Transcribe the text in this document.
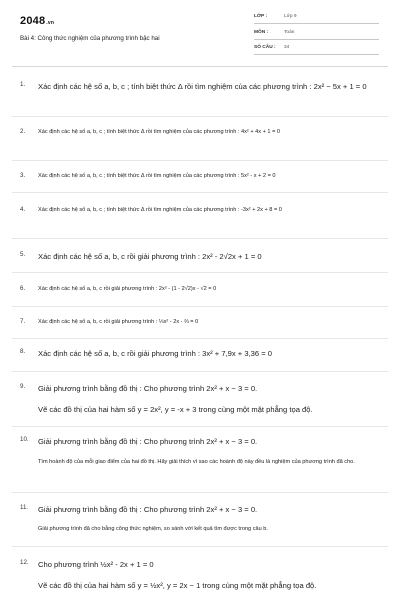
2048.vn
Bài 4: Công thức nghiệm của phương trình bậc hai
LỚP :	Lớp 9
MÔN :	Toán
SỐ CÂU : 34
1. Xác định các hệ số a, b, c ; tính biệt thức Δ rồi tìm nghiệm của các phương trình : 2x² − 5x + 1 = 0
2. Xác định các hệ số a, b, c ; tính biệt thức Δ rồi tìm nghiệm của các phương trình : 4x² + 4x + 1 = 0
3. Xác định các hệ số a, b, c ; tính biệt thức Δ rồi tìm nghiệm của các phương trình : 5x² - x + 2 = 0
4. Xác định các hệ số a, b, c ; tính biệt thức Δ rồi tìm nghiệm của các phương trình : -3x² + 2x + 8 = 0
5. Xác định các hệ số a, b, c rồi giải phương trình : 2x² - 2√2x + 1 = 0
6. Xác định các hệ số a, b, c rồi giải phương trình : 2x² - (1 - 2√2)x - √2 = 0
7. Xác định các hệ số a, b, c rồi giải phương trình : ⅓x² - 2x - ⅔ = 0
8. Xác định các hệ số a, b, c rồi giải phương trình : 3x² + 7,9x + 3,36 = 0
9. Giải phương trình bằng đồ thị : Cho phương trình 2x² + x − 3 = 0.
Vẽ các đồ thị của hai hàm số y = 2x², y = -x + 3 trong cùng một mặt phẳng tọa độ.
10. Giải phương trình bằng đồ thị : Cho phương trình 2x² + x − 3 = 0.
Tìm hoành độ của mỗi giao điểm của hai đồ thị. Hãy giải thích vì sao các hoành độ này đều là nghiệm của phương trình đã cho.
11. Giải phương trình bằng đồ thị : Cho phương trình 2x² + x − 3 = 0.
Giải phương trình đã cho bằng công thức nghiệm, so sánh với kết quả tìm được trong câu b.
12. Cho phương trình ½x² - 2x + 1 = 0
Vẽ các đồ thị của hai hàm số y = ½x², y = 2x − 1 trong cùng một mặt phẳng tọa độ.
